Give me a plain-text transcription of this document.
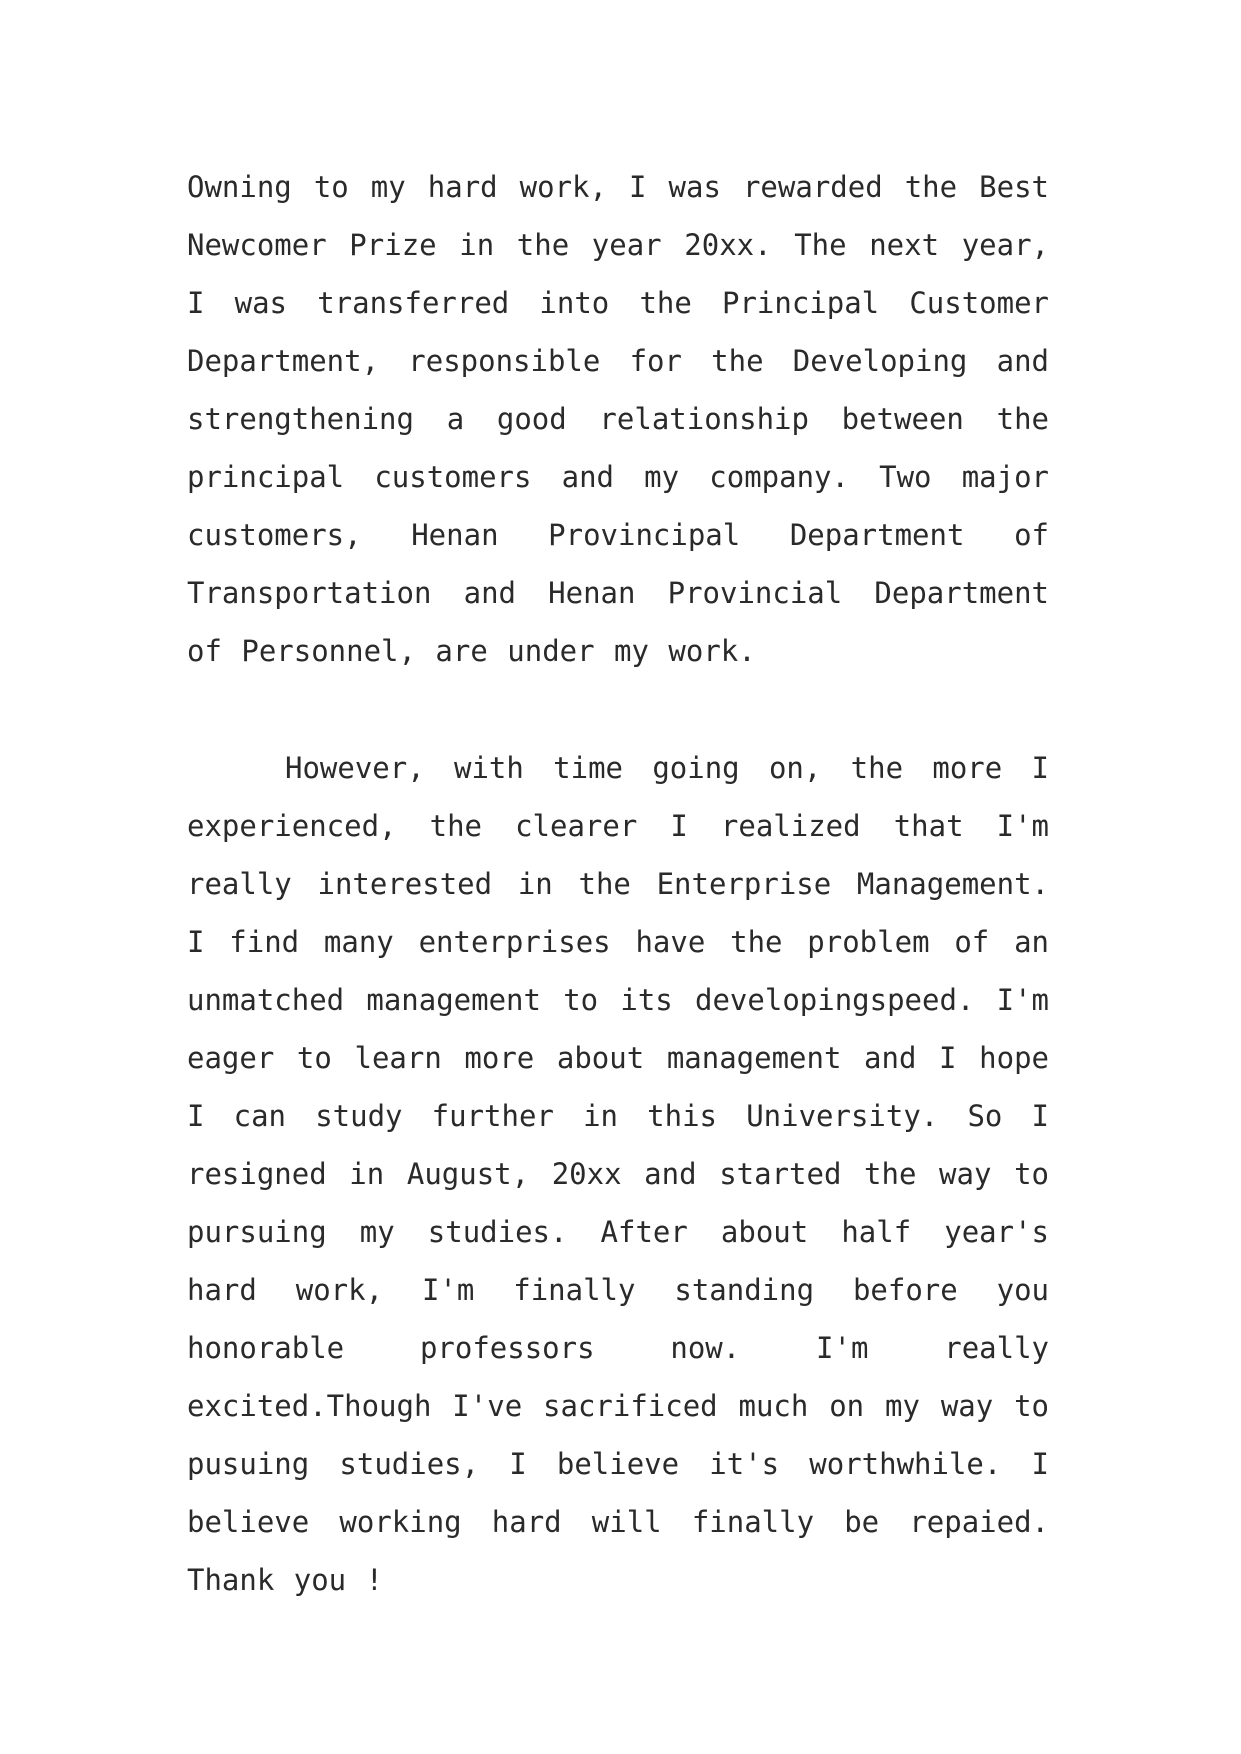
Owning to my hard work, I was rewarded the Best Newcomer Prize in the year 20xx. The next year, I was transferred into the Principal Customer Department, responsible for the Developing and strengthening a good relationship between the principal customers and my company. Two major customers, Henan Provincipal Department of Transportation and Henan Provincial Department of Personnel, are under my work.

However, with time going on, the more I experienced, the clearer I realized that I'm really interested in the Enterprise Management. I find many enterprises have the problem of an unmatched management to its developingspeed. I'm eager to learn more about management and I hope I can study further in this University. So I resigned in August, 20xx and started the way to pursuing my studies. After about half year's hard work, I'm finally standing before you honorable professors now. I'm really excited.Though I've sacrificed much on my way to pusuing studies, I believe it's worthwhile. I believe working hard will finally be repaied. Thank you !
